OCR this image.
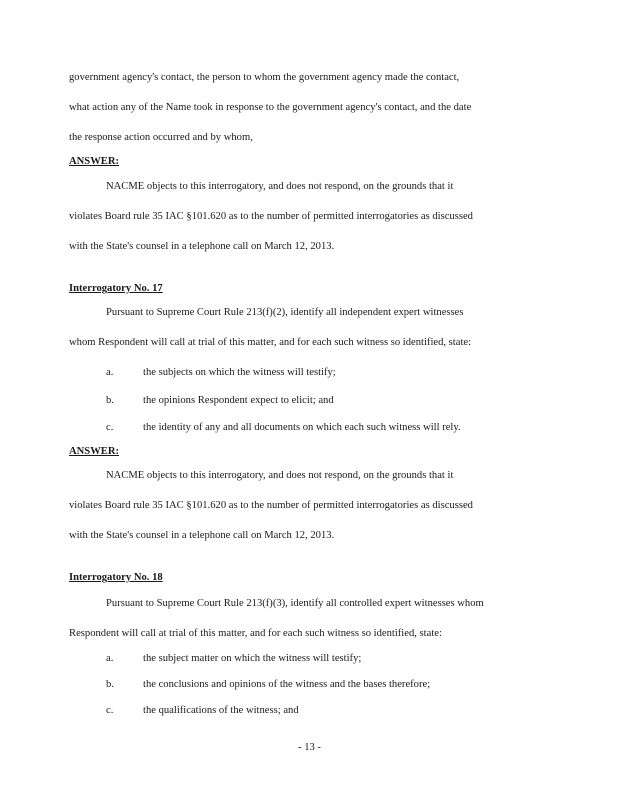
government agency's contact, the person to whom the government agency made the contact,
what action any of the Name took in response to the government agency's contact, and the date
the response action occurred and by whom,
ANSWER:
NACME objects to this interrogatory, and does not respond, on the grounds that it
violates Board rule 35 IAC §101.620 as to the number of permitted interrogatories as discussed
with the State's counsel in a telephone call on March 12, 2013.
Interrogatory No. 17
Pursuant to Supreme Court Rule 213(f)(2), identify all independent expert witnesses
whom Respondent will call at trial of this matter, and for each such witness so identified, state:
a.	the subjects on which the witness will testify;
b.	the opinions Respondent expect to elicit; and
c.	the identity of any and all documents on which each such witness will rely.
ANSWER:
NACME objects to this interrogatory, and does not respond, on the grounds that it
violates Board rule 35 IAC §101.620 as to the number of permitted interrogatories as discussed
with the State's counsel in a telephone call on March 12, 2013.
Interrogatory No. 18
Pursuant to Supreme Court Rule 213(f)(3), identify all controlled expert witnesses whom
Respondent will call at trial of this matter, and for each such witness so identified, state:
a.	the subject matter on which the witness will testify;
b.	the conclusions and opinions of the witness and the bases therefore;
c.	the qualifications of the witness; and
- 13 -
